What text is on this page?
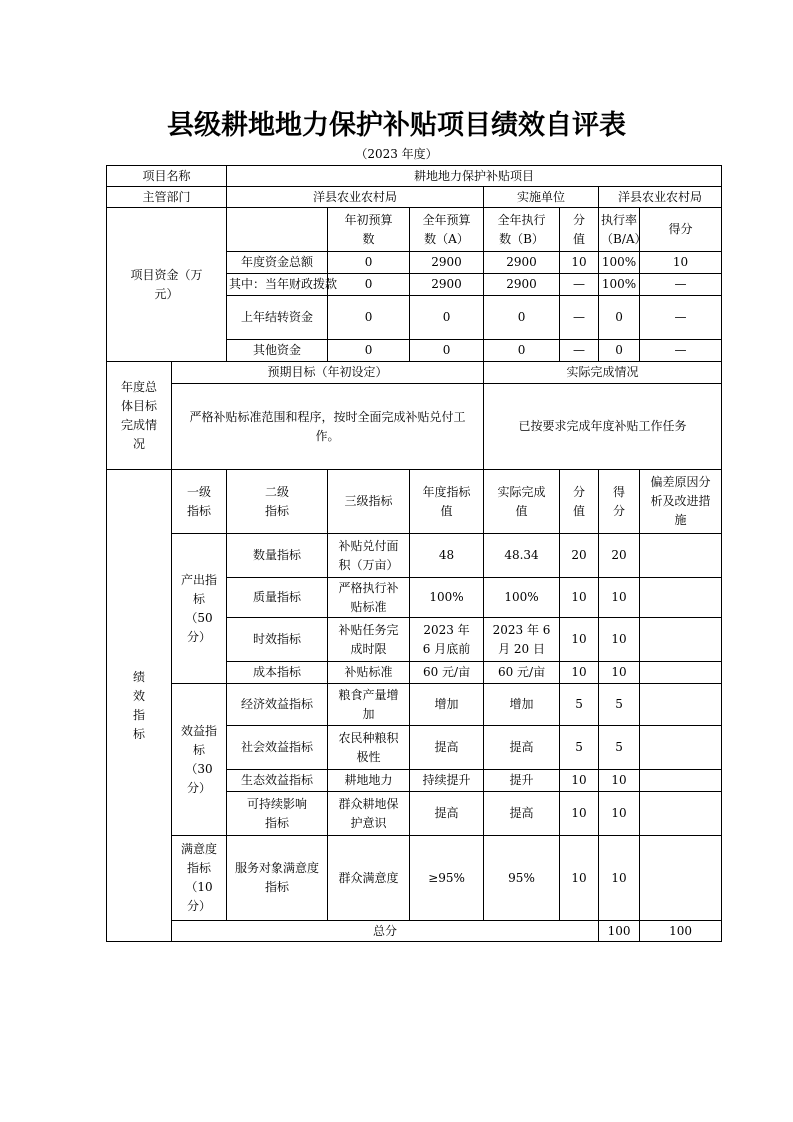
县级耕地地力保护补贴项目绩效自评表
（2023 年度）
项目名称		耕地地力保护补贴项目							
主管部门		洋县农业农村局			实施单位		洋县农业农村局		
项目资金（万元）			年初预算数	全年预算数（A）	全年执行数（B）	分值	执行率（B/A）	得分	
		年度资金总额	0	2900	2900	10	100%	10	
		其中：当年财政拨款	0	2900	2900	—	100%	—	
		上年结转资金	0	0	0	—	0	—	
		其他资金	0	0	0	—	0	—	

年度总体目标完成情况	预期目标（年初设定）				实际完成情况				
	严格补贴标准范围和程序，按时全面完成补贴兑付工作。				已按要求完成年度补贴工作任务				
绩效指标	一级指标	二级指标	三级指标	年度指标值	实际完成值	分值	得分	偏差原因分析及改进措施	
	产出指标（50分）	数量指标	补贴兑付面积（万亩）	48	48.34	20	20		
		质量指标	严格执行补贴标准	100%	100%	10	10		
		时效指标	补贴任务完成时限	2023 年 6 月底前	2023 年 6 月 20 日	10	10		
		成本指标	补贴标准	60 元/亩	60 元/亩	10	10		
	效益指标（30分）	经济效益指标	粮食产量增加	增加	增加	5	5		
		社会效益指标	农民种粮积极性	提高	提高	5	5		
		生态效益指标	耕地地力	持续提升	提升	10	10		
		可持续影响指标	群众耕地保护意识	提高	提高	10	10		
	满意度指标（10分）	服务对象满意度指标	群众满意度	≥95%	95%	10	10		
	总分						100	100	
